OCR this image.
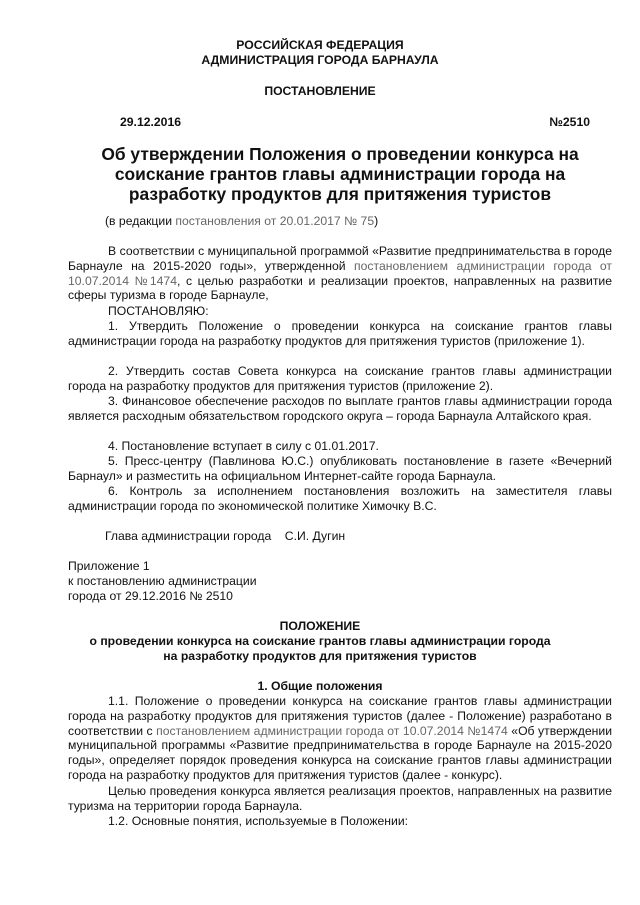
РОССИЙСКАЯ ФЕДЕРАЦИЯ
АДМИНИСТРАЦИЯ ГОРОДА БАРНАУЛА
ПОСТАНОВЛЕНИЕ
29.12.2016	№2510
Об утверждении Положения о проведении конкурса на соискание грантов главы администрации города на разработку продуктов для притяжения туристов
(в редакции постановления от 20.01.2017 № 75)
В соответствии с муниципальной программой «Развитие предпринимательства в городе Барнауле на 2015-2020 годы», утвержденной постановлением администрации города от 10.07.2014 №1474, с целью разработки и реализации проектов, направленных на развитие сферы туризма в городе Барнауле,
ПОСТАНОВЛЯЮ:
1. Утвердить Положение о проведении конкурса на соискание грантов главы администрации города на разработку продуктов для притяжения туристов (приложение 1).
2. Утвердить состав Совета конкурса на соискание грантов главы администрации города на разработку продуктов для притяжения туристов (приложение 2).
3. Финансовое обеспечение расходов по выплате грантов главы администрации города является расходным обязательством городского округа – города Барнаула Алтайского края.
4. Постановление вступает в силу с 01.01.2017.
5. Пресс-центру (Павлинова Ю.С.) опубликовать постановление в газете «Вечерний Барнаул» и разместить на официальном Интернет-сайте города Барнаула.
6. Контроль за исполнением постановления возложить на заместителя главы администрации города по экономической политике Химочку В.С.
Глава администрации города    С.И. Дугин
Приложение 1
к постановлению администрации
города от 29.12.2016 № 2510
ПОЛОЖЕНИЕ
о проведении конкурса на соискание грантов главы администрации города
на разработку продуктов для притяжения туристов
1. Общие положения
1.1. Положение о проведении конкурса на соискание грантов главы администрации города на разработку продуктов для притяжения туристов (далее - Положение) разработано в соответствии с постановлением администрации города от 10.07.2014 №1474 «Об утверждении муниципальной программы «Развитие предпринимательства в городе Барнауле на 2015-2020 годы», определяет порядок проведения конкурса на соискание грантов главы администрации города на разработку продуктов для притяжения туристов (далее - конкурс).
Целью проведения конкурса является реализация проектов, направленных на развитие туризма на территории города Барнаула.
1.2. Основные понятия, используемые в Положении:
